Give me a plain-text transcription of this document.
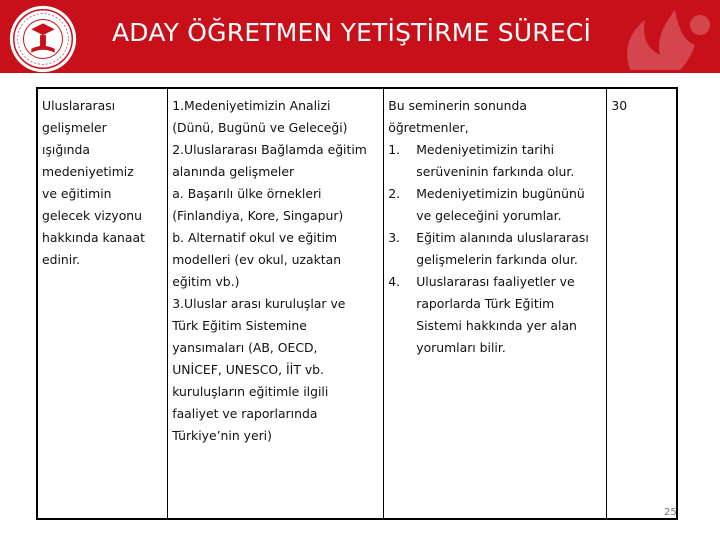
ADAY ÖĞRETMEN YETİŞTİRME SÜRECİ
Uluslararası
gelişmeler
ışığında
medeniyetimiz
ve eğitimin
gelecek vizyonu
hakkında kanaat
edinir.

1.Medeniyetimizin Analizi
(Dünü, Bugünü ve Geleceği)
2.Uluslararası Bağlamda eğitim
alanında gelişmeler
a. Başarılı ülke örnekleri
(Finlandiya, Kore, Singapur)
b. Alternatif okul ve eğitim
modelleri (ev okul, uzaktan
eğitim vb.)
3.Uluslar arası kuruluşlar ve
Türk Eğitim Sistemine
yansımaları (AB, OECD,
UNİCEF, UNESCO, İİT vb.
kuruluşların eğitimle ilgili
faaliyet ve raporlarında
Türkiye’nin yeri)

Bu seminerin sonunda
öğretmenler,
1.	Medeniyetimizin tarihi
serüveninin farkında olur.
2.	Medeniyetimizin bugününü
ve geleceğini yorumlar.
3.	Eğitim alanında uluslararası
gelişmelerin farkında olur.
4.	Uluslararası faaliyetler ve
raporlarda Türk Eğitim
Sistemi hakkında yer alan
yorumları bilir.
	30
25
